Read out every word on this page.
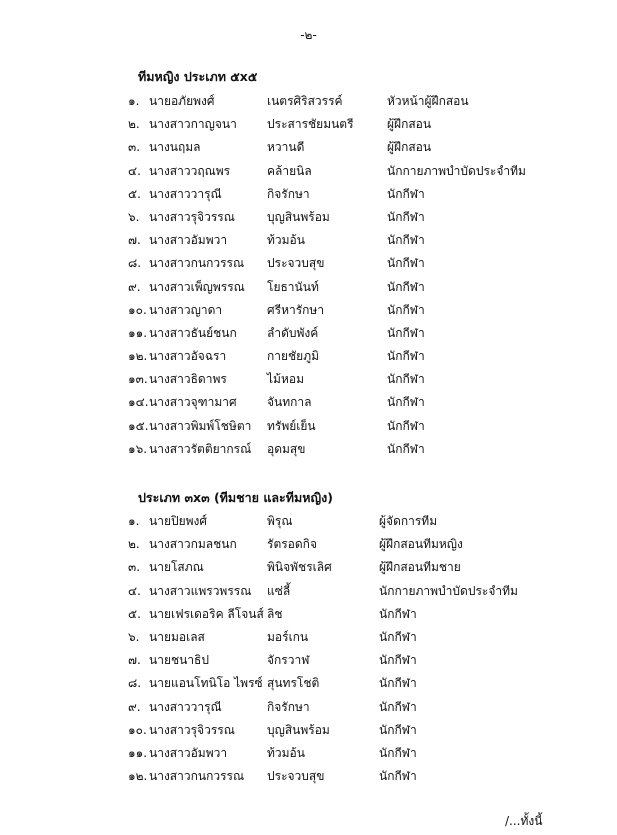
-๒-
ทีมหญิง ประเภท ๕x๕
๑. นายอภัยพงศ์	เนตรศิริสวรรค์	หัวหน้าผู้ฝึกสอน
๒. นางสาวกาญจนา	ประสารชัยมนตรี	ผู้ฝึกสอน
๓. นางนฤมล	หวานดี	ผู้ฝึกสอน
๔. นางสาววฤณพร	คล้ายนิล	นักกายภาพบำบัดประจำทีม
๕. นางสาววารุณี	กิจรักษา	นักกีฬา
๖. นางสาวรุจิวรรณ	บุญสินพร้อม	นักกีฬา
๗. นางสาวอัมพวา	ท้วมอ้น	นักกีฬา
๘. นางสาวกนกวรรณ ประจวบสุข	นักกีฬา
๙. นางสาวเพ็ญพรรณ โยธานันท์	นักกีฬา
๑๐. นางสาวญาดา	ศรีหารักษา	นักกีฬา
๑๑. นางสาวธันย์ชนก	ลำดับพังค์	นักกีฬา
๑๒. นางสาวอัจฉรา	กายชัยภูมิ	นักกีฬา
๑๓. นางสาวธิดาพร	ไม้หอม	นักกีฬา
๑๔. นางสาวจุฑามาศ	จันทกาล	นักกีฬา
๑๕. นางสาวพิมพ์โชษิตา ทรัพย์เย็น	นักกีฬา
๑๖. นางสาวรัตติยากรณ์ อุดมสุข	นักกีฬา
ประเภท ๓x๓ (ทีมชาย และทีมหญิง)
๑. นายปิยพงศ์	พิรุณ	ผู้จัดการทีม
๒. นางสาวกมลชนก	รัตรอดกิจ	ผู้ฝึกสอนทีมหญิง
๓. นายโสภณ	พินิจพัชรเลิศ	ผู้ฝึกสอนทีมชาย
๔. นางสาวแพรวพรรณ แซ่ลี้	นักกายภาพบำบัดประจำทีม
๕. นายเฟรเดอริค ลีโจนส์ ลิช	นักกีฬา
๖. นายมอเลส	มอร์เกน	นักกีฬา
๗. นายชนาธิป	จักรวาฬ	นักกีฬา
๘. นายแอนโทนิโอ ไพรซ์ สุนทรโชติ	นักกีฬา
๙. นางสาววารุณี	กิจรักษา	นักกีฬา
๑๐. นางสาวรุจิวรรณ	บุญสินพร้อม	นักกีฬา
๑๑. นางสาวอัมพวา	ท้วมอ้น	นักกีฬา
๑๒. นางสาวกนกวรรณ ประจวบสุข	นักกีฬา
/...ทั้งนี้
